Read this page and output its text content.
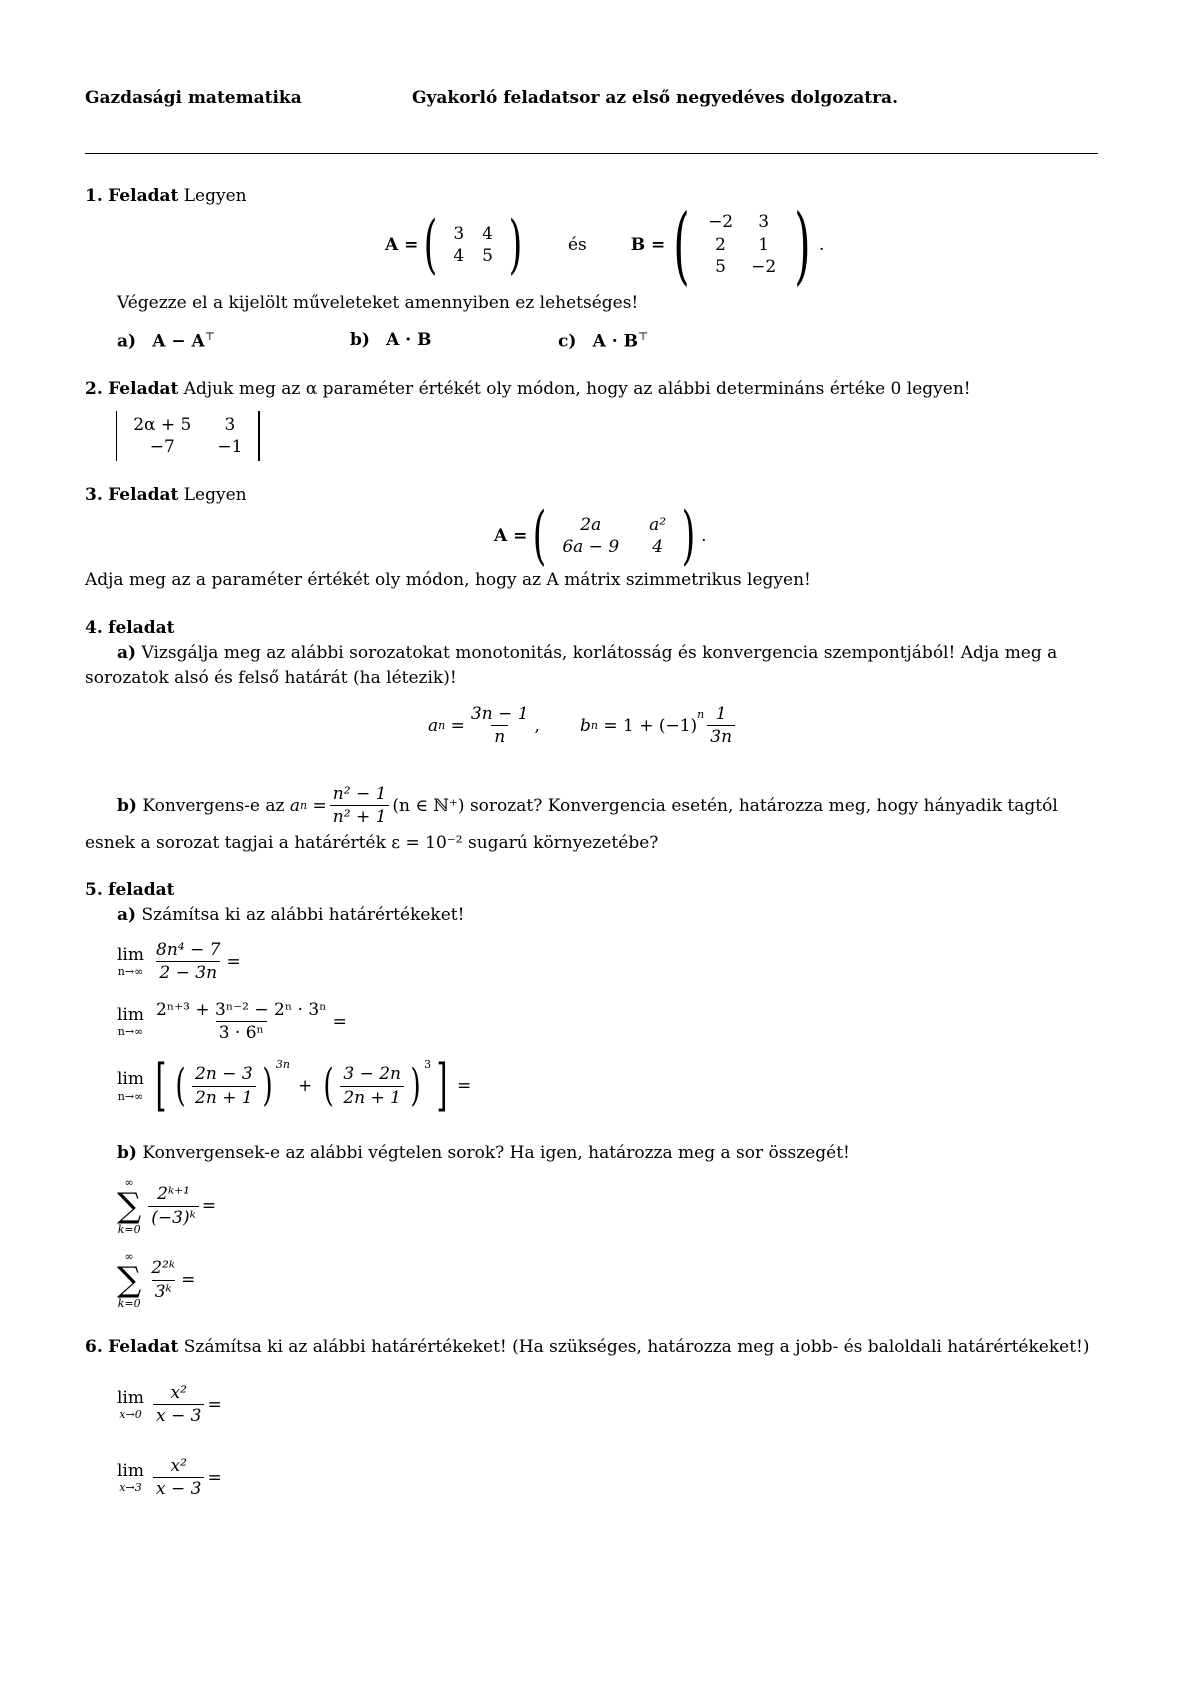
Gazdasági matematika	Gyakorló feladatsor az első negyedéves dolgozatra.
1. Feladat Legyen
A = ( 3 4
4 5 )	és	B = ( −2	3
2	1
5	−2 ) .
Végezze el a kijelölt műveleteket amennyiben ez lehetséges!
a) A − A⊤	b) A · B	c) A · B⊤
2. Feladat Adjuk meg az α paraméter értékét oly módon, hogy az alábbi determináns értéke 0 legyen!
2α + 5	3
−7	−1
3. Feladat Legyen
A = (	2a	a²
6a − 9 4 ) .
Adja meg az a paraméter értékét oly módon, hogy az A mátrix szimmetrikus legyen!
4. feladat
a) Vizsgálja meg az alábbi sorozatokat monotonitás, korlátosság és konvergencia szempontjából! Adja meg a
sorozatok alsó és felső határát (ha létezik)!
a $n = \frac{3n - 1}{n}$ , b n
= 1 + (−1)
$^n \frac{1}{3n}$
b)
Konvergens-e az
a $n = \frac{\text{n² − 1}}{\text{n² + 1}} (n$ ∈ ℕ⁺)
sorozat? Konvergencia esetén, határozza meg, hogy hányadik tagtól
esnek a sorozat tagjai a határérték ε = 10⁻² sugarú környezetébe?
5. feladat
a) Számítsa ki az alábbi határértékeket!
lim
$n\to\infty \frac{\text{8n⁴ − 7}}{2 - 3n}$ =
lim
$n\to\infty \frac{\text{2ⁿ⁺³ + 3ⁿ⁻² − 2ⁿ · 3ⁿ}}{\text{3 · 6ⁿ}}$ =
lim
n→∞ [ ( $\frac{2n - 3}{2n + 1}$ ) $^{3n}$
+ ( $\frac{3 - 2n}{2n + 1}$ ) $^3$ ] =
b) Konvergensek-e az alábbi végtelen sorok? Ha igen, határozza meg a sor összegét!
∞
∑
k=0
$\frac{\text{2ᵏ⁺¹}}{\text{(−3)ᵏ}}$ =
∞
∑
k=0
$\frac{\text{2²ᵏ}}{\text{3ᵏ}}$ =
6. Feladat Számítsa ki az alábbi határértékeket! (Ha szükséges, határozza meg a jobb- és baloldali határértékeket!)
lim
$x\to 0 \frac{\text{x²}}{x - 3}$ =
lim
$x\to 3 \frac{\text{x²}}{x - 3}$ =
